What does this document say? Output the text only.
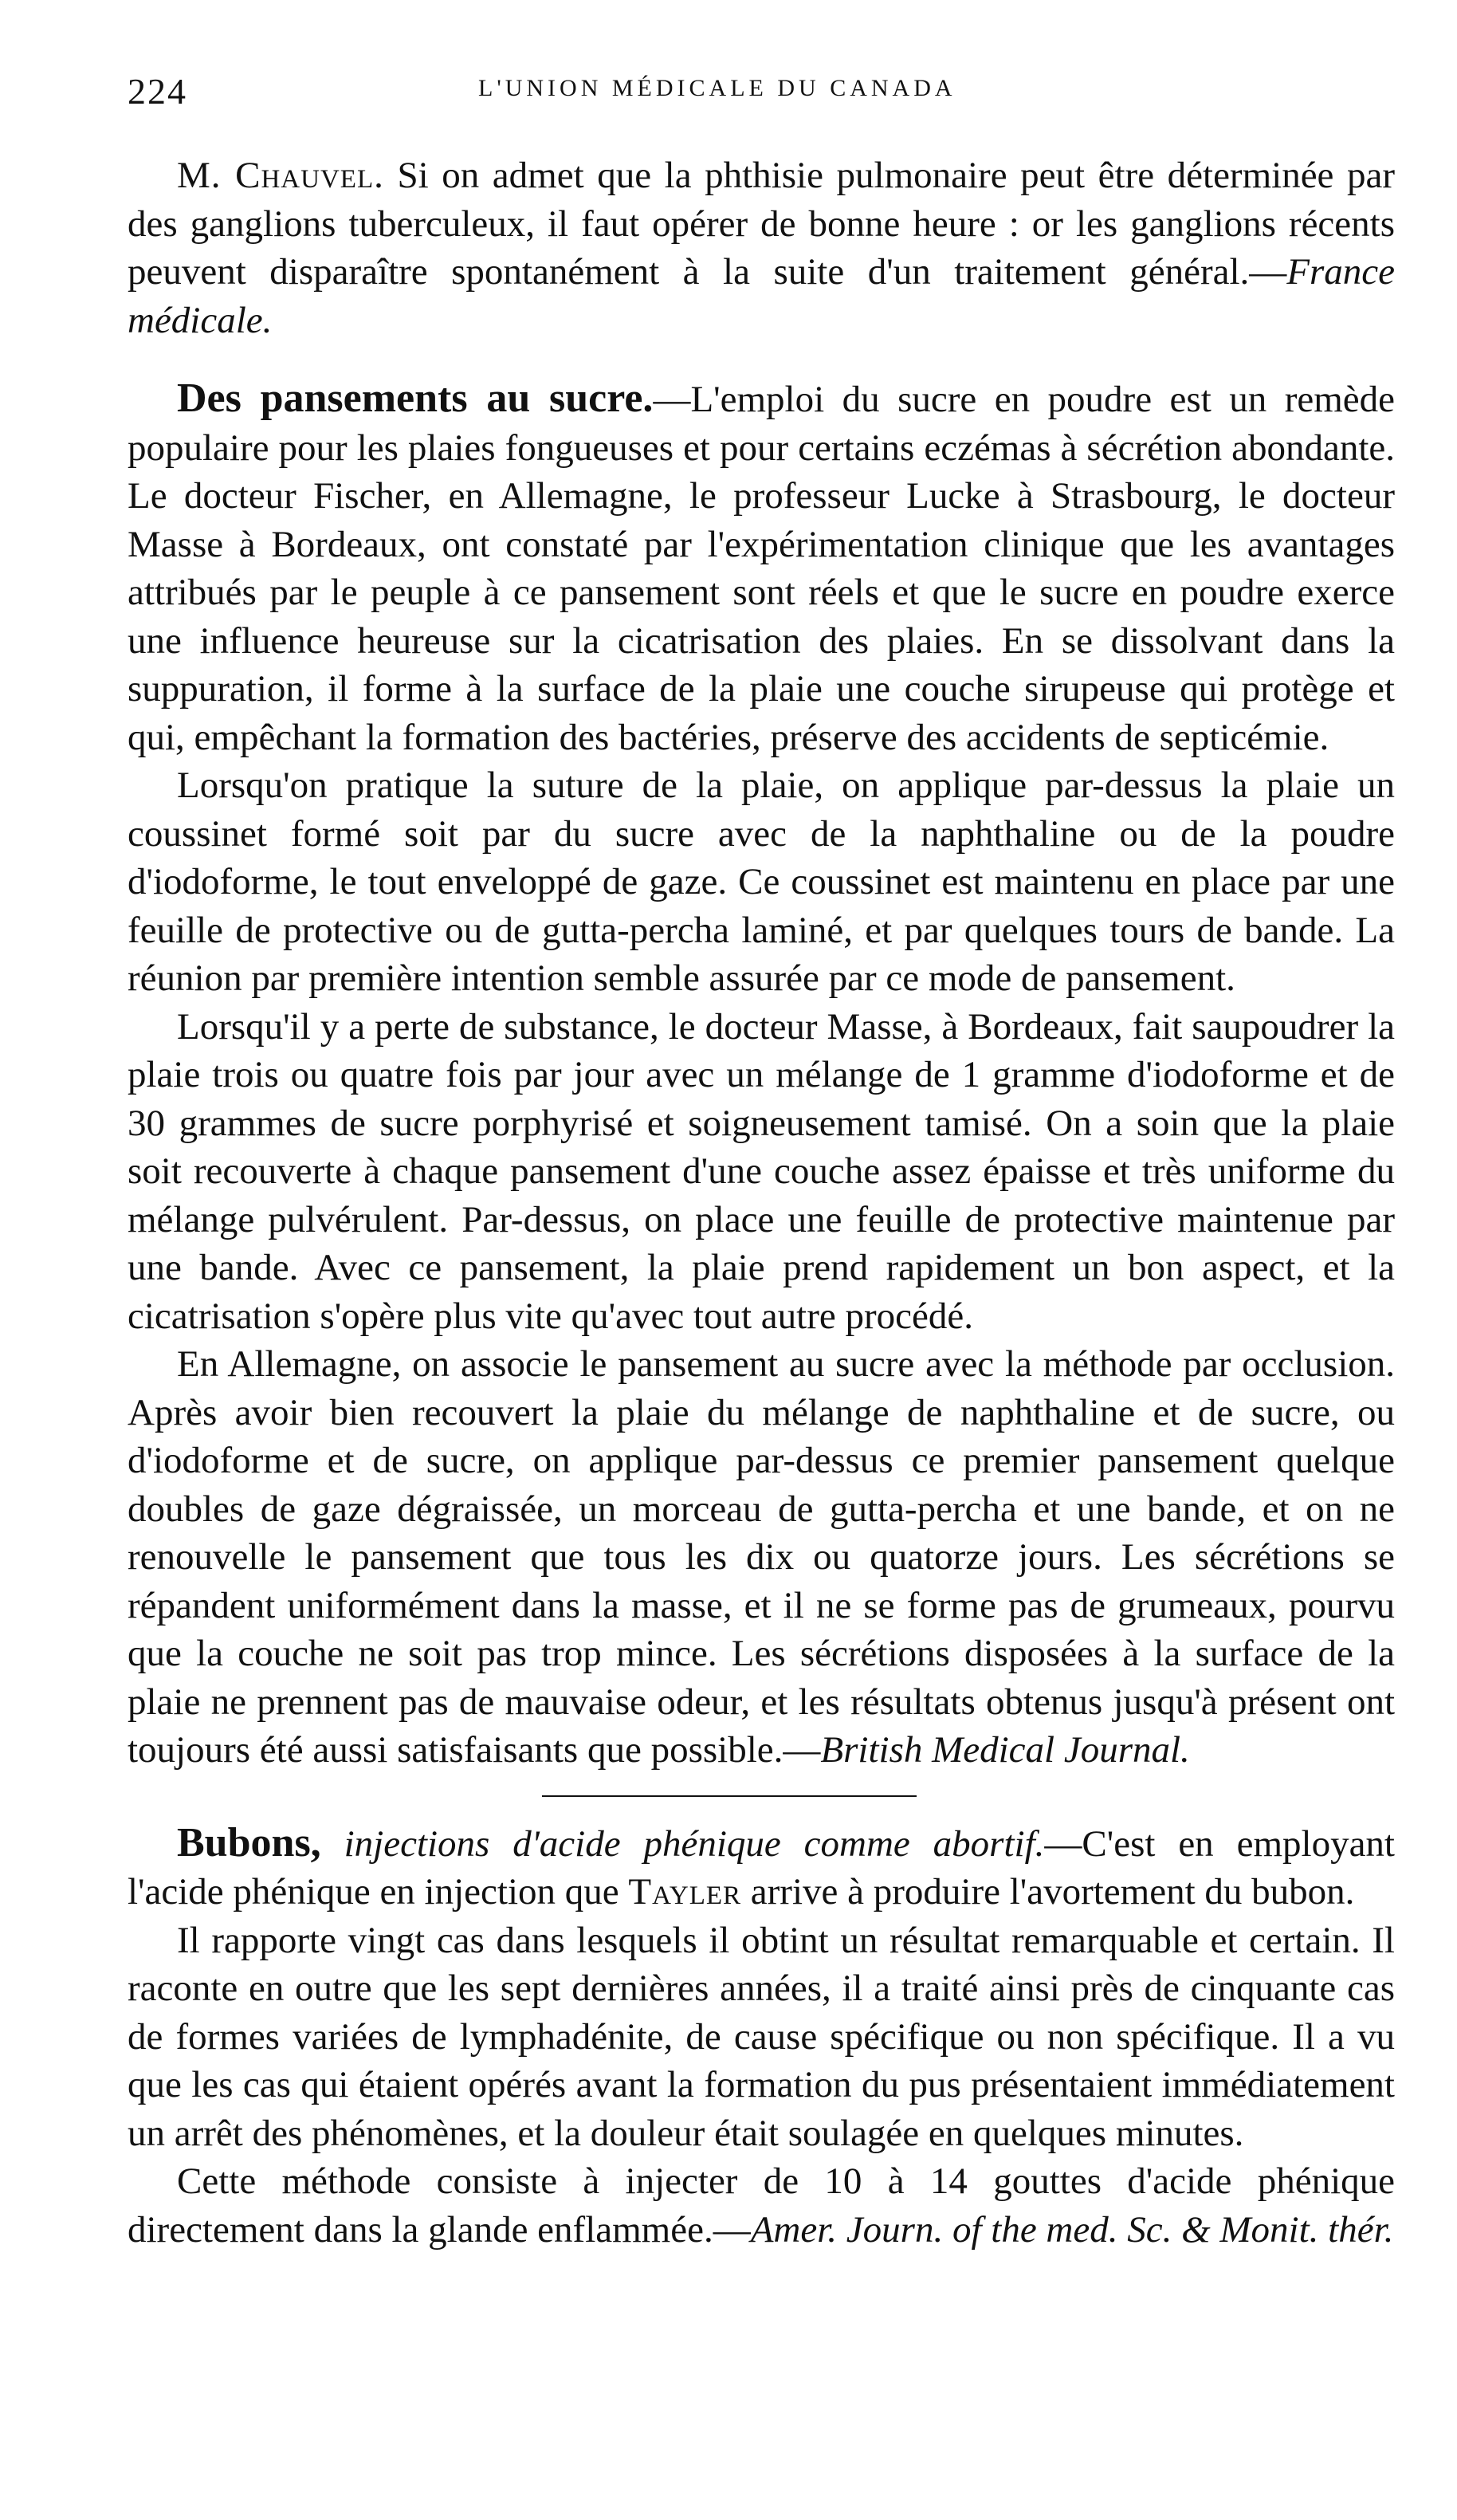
224	L'UNION MÉDICALE DU CANADA

M. Chauvel. Si on admet que la phthisie pulmonaire peut être déterminée par des ganglions tuberculeux, il faut opérer de bonne heure : or les ganglions récents peuvent disparaître spontanément à la suite d'un traitement général.—France médicale.

Des pansements au sucre.—L'emploi du sucre en poudre est un remède populaire pour les plaies fongueuses et pour certains eczémas à sécrétion abondante. Le docteur Fischer, en Allemagne, le professeur Lucke à Strasbourg, le docteur Masse à Bordeaux, ont constaté par l'expérimentation clinique que les avantages attribués par le peuple à ce pansement sont réels et que le sucre en poudre exerce une influence heureuse sur la cicatrisation des plaies. En se dissolvant dans la suppuration, il forme à la surface de la plaie une couche sirupeuse qui protège et qui, empêchant la formation des bactéries, préserve des accidents de septicémie.

Lorsqu'on pratique la suture de la plaie, on applique par-dessus la plaie un coussinet formé soit par du sucre avec de la naphthaline ou de la poudre d'iodoforme, le tout enveloppé de gaze. Ce coussinet est maintenu en place par une feuille de protective ou de gutta-percha laminé, et par quelques tours de bande. La réunion par première intention semble assurée par ce mode de pansement.

Lorsqu'il y a perte de substance, le docteur Masse, à Bordeaux, fait saupoudrer la plaie trois ou quatre fois par jour avec un mélange de 1 gramme d'iodoforme et de 30 grammes de sucre porphyrisé et soigneusement tamisé. On a soin que la plaie soit recouverte à chaque pansement d'une couche assez épaisse et très uniforme du mélange pulvérulent. Par-dessus, on place une feuille de protective maintenue par une bande. Avec ce pansement, la plaie prend rapidement un bon aspect, et la cicatrisation s'opère plus vite qu'avec tout autre procédé.

En Allemagne, on associe le pansement au sucre avec la méthode par occlusion. Après avoir bien recouvert la plaie du mélange de naphthaline et de sucre, ou d'iodoforme et de sucre, on applique par-dessus ce premier pansement quelque doubles de gaze dégraissée, un morceau de gutta-percha et une bande, et on ne renouvelle le pansement que tous les dix ou quatorze jours. Les sécrétions se répandent uniformément dans la masse, et il ne se forme pas de grumeaux, pourvu que la couche ne soit pas trop mince. Les sécrétions disposées à la surface de la plaie ne prennent pas de mauvaise odeur, et les résultats obtenus jusqu'à présent ont toujours été aussi satisfaisants que possible.—British Medical Journal.

Bubons, injections d'acide phénique comme abortif.—C'est en employant l'acide phénique en injection que Tayler arrive à produire l'avortement du bubon.

Il rapporte vingt cas dans lesquels il obtint un résultat remarquable et certain. Il raconte en outre que les sept dernières années, il a traité ainsi près de cinquante cas de formes variées de lymphadénite, de cause spécifique ou non spécifique. Il a vu que les cas qui étaient opérés avant la formation du pus présentaient immédiatement un arrêt des phénomènes, et la douleur était soulagée en quelques minutes.

Cette méthode consiste à injecter de 10 à 14 gouttes d'acide phénique directement dans la glande enflammée.—Amer. Journ. of the med. Sc. & Monit. thér.
